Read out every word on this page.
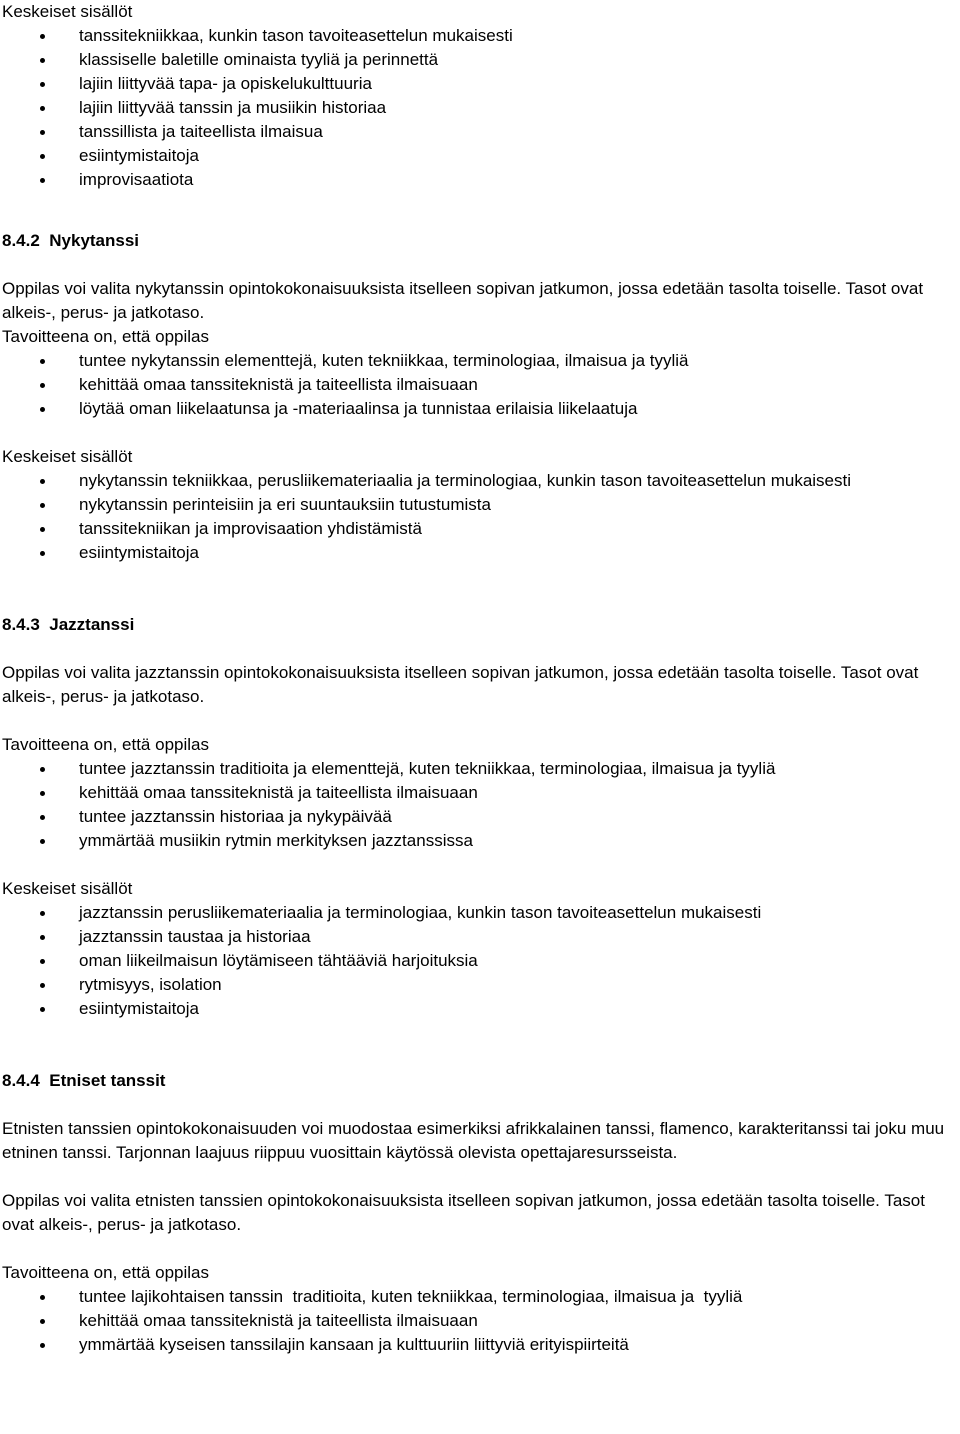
Keskeiset sisällöt
tanssitekniikkaa, kunkin tason tavoiteasettelun mukaisesti
klassiselle baletille ominaista tyyliä ja perinnettä
lajiin liittyvää tapa- ja opiskelukulttuuria
lajiin liittyvää tanssin ja musiikin historiaa
tanssillista ja taiteellista ilmaisua
esiintymistaitoja
improvisaatiota
8.4.2  Nykytanssi
Oppilas voi valita nykytanssin opintokokonaisuuksista itselleen sopivan jatkumon, jossa edetään tasolta toiselle. Tasot ovat alkeis-, perus- ja jatkotaso.
Tavoitteena on, että oppilas
tuntee nykytanssin elementtejä, kuten tekniikkaa, terminologiaa, ilmaisua ja tyyliä
kehittää omaa tanssiteknistä ja taiteellista ilmaisuaan
löytää oman liikelaatunsa ja -materiaalinsa ja tunnistaa erilaisia liikelaatuja
Keskeiset sisällöt
nykytanssin tekniikkaa, perusliikemateriaalia ja terminologiaa, kunkin tason tavoiteasettelun mukaisesti
nykytanssin perinteisiin ja eri suuntauksiin tutustumista
tanssitekniikan ja improvisaation yhdistämistä
esiintymistaitoja
8.4.3  Jazztanssi
Oppilas voi valita jazztanssin opintokokonaisuuksista itselleen sopivan jatkumon, jossa edetään tasolta toiselle. Tasot ovat alkeis-, perus- ja jatkotaso.
Tavoitteena on, että oppilas
tuntee jazztanssin traditioita ja elementtejä, kuten tekniikkaa, terminologiaa, ilmaisua ja tyyliä
kehittää omaa tanssiteknistä ja taiteellista ilmaisuaan
tuntee jazztanssin historiaa ja nykypäivää
ymmärtää musiikin rytmin merkityksen jazztanssissa
Keskeiset sisällöt
jazztanssin perusliikemateriaalia ja terminologiaa, kunkin tason tavoiteasettelun mukaisesti
jazztanssin taustaa ja historiaa
oman liikeilmaisun löytämiseen tähtääviä harjoituksia
rytmisyys, isolation
esiintymistaitoja
8.4.4  Etniset tanssit
Etnisten tanssien opintokokonaisuuden voi muodostaa esimerkiksi afrikkalainen tanssi, flamenco, karakteritanssi tai joku muu etninen tanssi. Tarjonnan laajuus riippuu vuosittain käytössä olevista opettajaresursseista.
Oppilas voi valita etnisten tanssien opintokokonaisuuksista itselleen sopivan jatkumon, jossa edetään tasolta toiselle. Tasot ovat alkeis-, perus- ja jatkotaso.
Tavoitteena on, että oppilas
tuntee lajikohtaisen tanssin  traditioita, kuten tekniikkaa, terminologiaa, ilmaisua ja  tyyliä
kehittää omaa tanssiteknistä ja taiteellista ilmaisuaan
ymmärtää kyseisen tanssilajin kansaan ja kulttuuriin liittyviä erityispiirteitä
